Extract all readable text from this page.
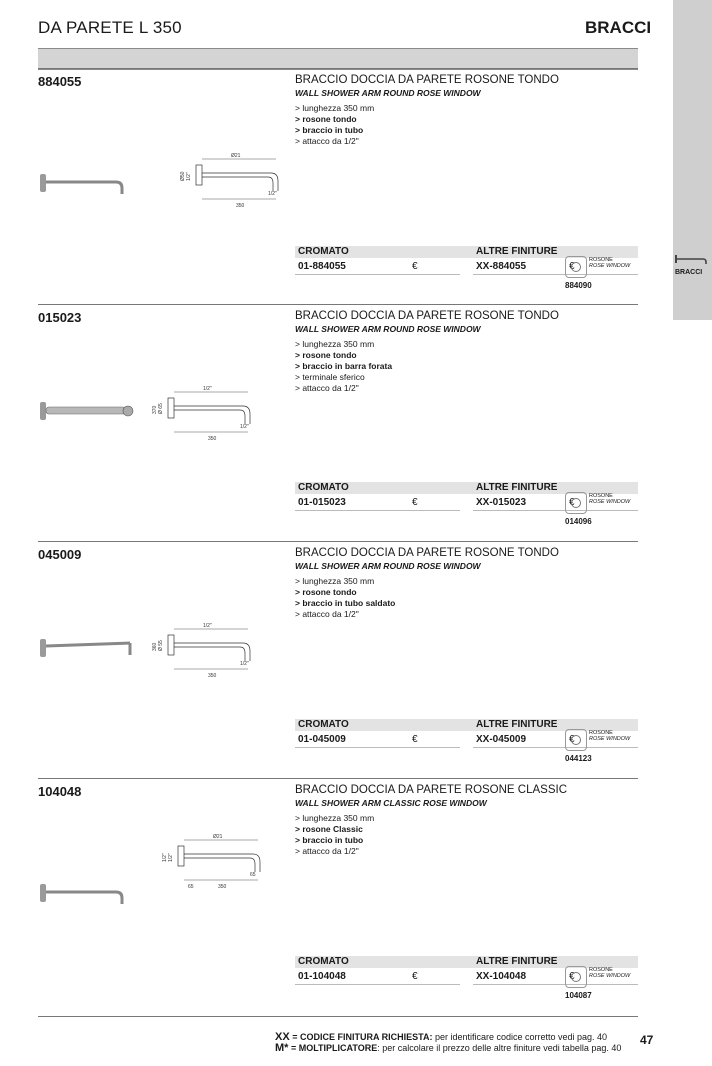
DA PARETE L 350	BRACCI
BRACCI
884055	BRACCIO DOCCIA DA PARETE ROSONE TONDO
WALL SHOWER ARM ROUND ROSE WINDOW
> lunghezza 350 mm
> rosone tondo
> braccio in tubo
> attacco da 1/2"
Ø50
Ø21
1/2"
350
1/2"
CROMATO	ALTRE FINITURE
01-884055	€	XX-884055	€
ROSONE
ROSE WINDOW
884090
015023	BRACCIO DOCCIA DA PARETE ROSONE TONDO
WALL SHOWER ARM ROUND ROSE WINDOW
> lunghezza 350 mm
> rosone tondo
> braccio in barra forata
> terminale sferico
> attacco da 1/2"
370
1/2"
Ø 65
350
1/2"
CROMATO	ALTRE FINITURE
01-015023	€	XX-015023	€
ROSONE
ROSE WINDOW
014096
045009	BRACCIO DOCCIA DA PARETE ROSONE TONDO
WALL SHOWER ARM ROUND ROSE WINDOW
> lunghezza 350 mm
> rosone tondo
> braccio in tubo saldato
> attacco da 1/2"
360
1/2"
Ø 55
350
1/2"
CROMATO	ALTRE FINITURE
01-045009	€	XX-045009	€
ROSONE
ROSE WINDOW
044123
104048	BRACCIO DOCCIA DA PARETE ROSONE CLASSIC
WALL SHOWER ARM CLASSIC ROSE WINDOW
> lunghezza 350 mm
> rosone Classic
> braccio in tubo
> attacco da 1/2"
1/2"
Ø21
1/2"
350
65
65
CROMATO	ALTRE FINITURE
01-104048	€	XX-104048	€
ROSONE
ROSE WINDOW
104087
XX = CODICE FINITURA RICHIESTA: per identificare codice corretto vedi pag. 40
M* = MOLTIPLICATORE: per calcolare il prezzo delle altre finiture vedi tabella pag. 40
47
